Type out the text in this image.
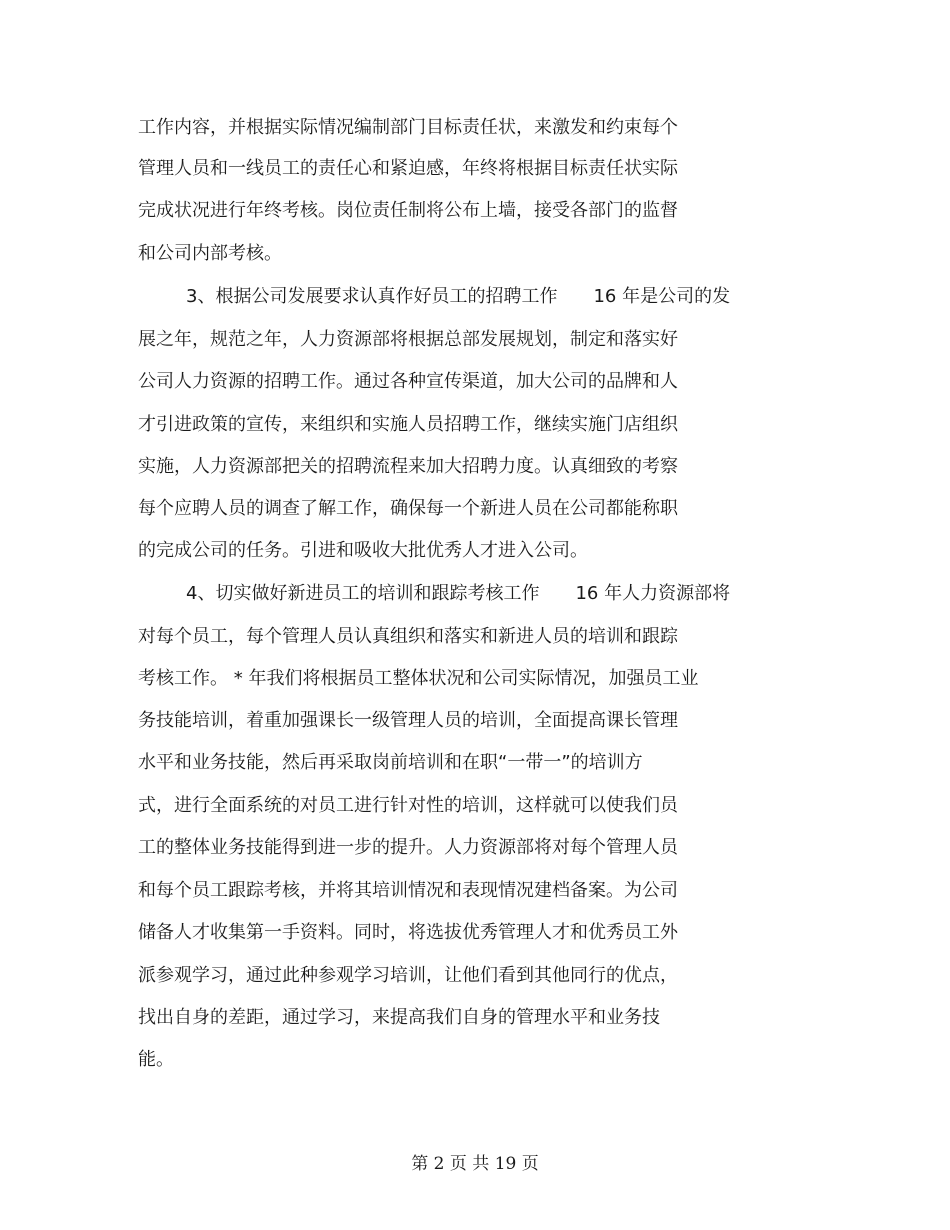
工作内容，并根据实际情况编制部门目标责任状，来激发和约束每个
管理人员和一线员工的责任心和紧迫感，年终将根据目标责任状实际
完成状况进行年终考核。岗位责任制将公布上墙，接受各部门的监督
和公司内部考核。
3、根据公司发展要求认真作好员工的招聘工作　　16 年是公司的发
展之年，规范之年，人力资源部将根据总部发展规划，制定和落实好
公司人力资源的招聘工作。通过各种宣传渠道，加大公司的品牌和人
才引进政策的宣传，来组织和实施人员招聘工作，继续实施门店组织
实施，人力资源部把关的招聘流程来加大招聘力度。认真细致的考察
每个应聘人员的调查了解工作，确保每一个新进人员在公司都能称职
的完成公司的任务。引进和吸收大批优秀人才进入公司。
4、切实做好新进员工的培训和跟踪考核工作　　16 年人力资源部将
对每个员工，每个管理人员认真组织和落实和新进人员的培训和跟踪
考核工作。 * 年我们将根据员工整体状况和公司实际情况，加强员工业
务技能培训，着重加强课长一级管理人员的培训，全面提高课长管理
水平和业务技能，然后再采取岗前培训和在职“一带一”的培训方
式，进行全面系统的对员工进行针对性的培训，这样就可以使我们员
工的整体业务技能得到进一步的提升。人力资源部将对每个管理人员
和每个员工跟踪考核，并将其培训情况和表现情况建档备案。为公司
储备人才收集第一手资料。同时，将选拔优秀管理人才和优秀员工外
派参观学习，通过此种参观学习培训，让他们看到其他同行的优点，
找出自身的差距，通过学习，来提高我们自身的管理水平和业务技
能。
第 2 页 共 19 页
